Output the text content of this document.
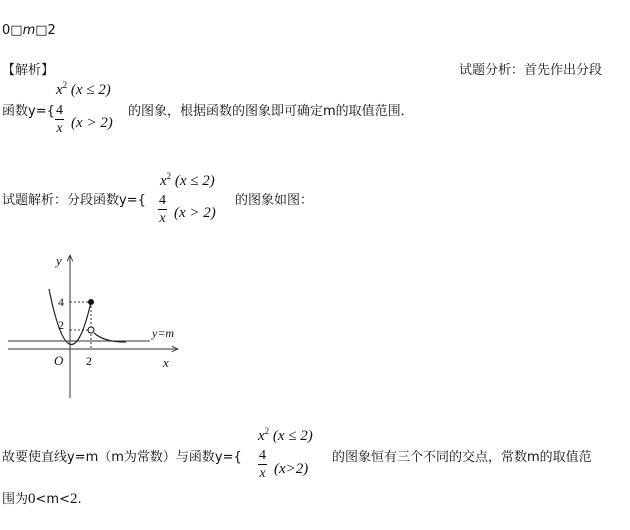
0□m□2
【解析】	试题分析：首先作出分段
$x^2$ (x ≤ 2)
函数y={ 4
x (x > 2)
的图象，根据函数的图象即可确定m的取值范围．
$x^2$ (x ≤ 2)
试题解析：分段函数y={ 4
x (x > 2)
的图象如图：
y
x
O
4
2
2
y=m
$x^2$ (x ≤ 2)
故要使直线y=m（m为常数）与函数y={ 4
x (x>2)
的图象恒有三个不同的交点，常数m的取值范
围为0<m<2.
